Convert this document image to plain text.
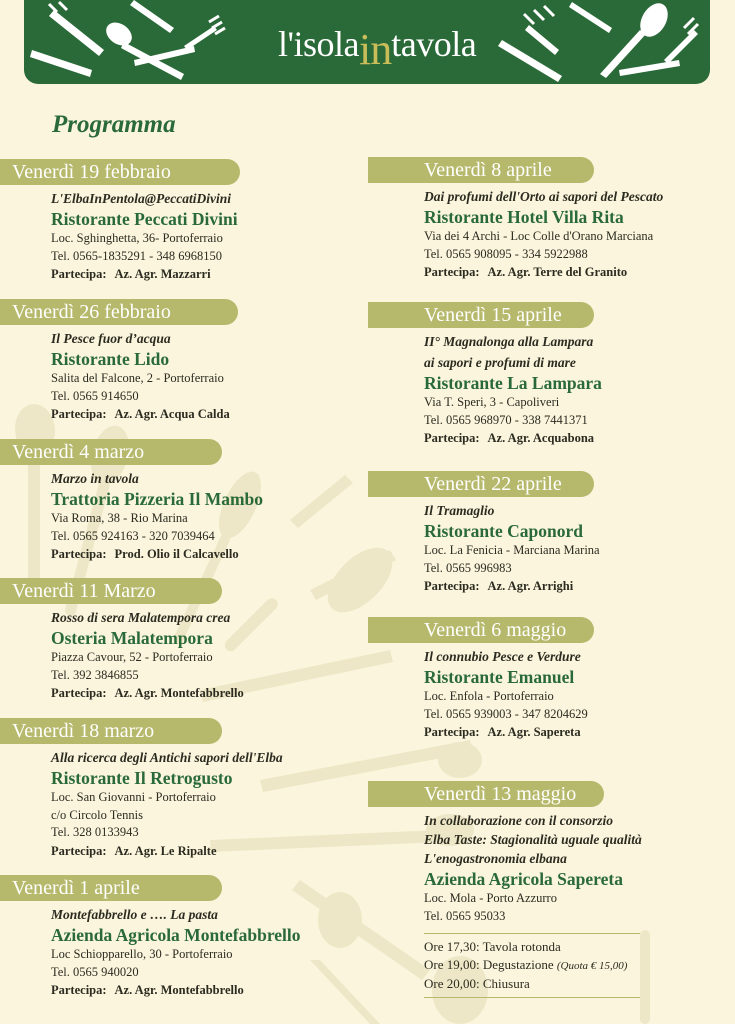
l'isolaintavola
Programma
Venerdì 19 febbraio
L'ElbaInPentola@PeccatiDivini
Ristorante Peccati Divini
Loc. Sghinghetta, 36- Portoferraio
Tel. 0565-1835291 - 348 6968150
Partecipa: Az. Agr. Mazzarri
Venerdì 26 febbraio
Il Pesce fuor d’acqua
Ristorante Lido
Salita del Falcone, 2 - Portoferraio
Tel. 0565 914650
Partecipa: Az. Agr. Acqua Calda
Venerdì 4 marzo
Marzo in tavola
Trattoria Pizzeria Il Mambo
Via Roma, 38 - Rio Marina
Tel. 0565 924163 - 320 7039464
Partecipa: Prod. Olio il Calcavello
Venerdì 11 Marzo
Rosso di sera Malatempora crea
Osteria Malatempora
Piazza Cavour, 52 - Portoferraio
Tel. 392 3846855
Partecipa: Az. Agr. Montefabbrello
Venerdì 18 marzo
Alla ricerca degli Antichi sapori dell'Elba
Ristorante Il Retrogusto
Loc. San Giovanni - Portoferraio
c/o Circolo Tennis
Tel. 328 0133943
Partecipa: Az. Agr. Le Ripalte
Venerdì 1 aprile
Montefabbrello e …. La pasta
Azienda Agricola Montefabbrello
Loc Schiopparello, 30 - Portoferraio
Tel. 0565 940020
Partecipa: Az. Agr. Montefabbrello
Venerdì 8 aprile
Dai profumi dell'Orto ai sapori del Pescato
Ristorante Hotel Villa Rita
Via dei 4 Archi - Loc Colle d'Orano Marciana
Tel. 0565 908095 - 334 5922988
Partecipa: Az. Agr. Terre del Granito
Venerdì 15 aprile
II° Magnalonga alla Lampara
ai sapori e profumi di mare
Ristorante La Lampara
Via T. Speri, 3 - Capoliveri
Tel. 0565 968970 - 338 7441371
Partecipa: Az. Agr. Acquabona
Venerdì 22 aprile
Il Tramaglio
Ristorante Caponord
Loc. La Fenicia - Marciana Marina
Tel. 0565 996983
Partecipa: Az. Agr. Arrighi
Venerdì 6 maggio
Il connubio Pesce e Verdure
Ristorante Emanuel
Loc. Enfola - Portoferraio
Tel. 0565 939003 - 347 8204629
Partecipa: Az. Agr. Sapereta
Venerdì 13 maggio
In collaborazione con il consorzio
Elba Taste: Stagionalità uguale qualità
L'enogastronomia elbana
Azienda Agricola Sapereta
Loc. Mola - Porto Azzurro
Tel. 0565 95033
Ore 17,30: Tavola rotonda
Ore 19,00: Degustazione (Quota € 15,00)
Ore 20,00: Chiusura
